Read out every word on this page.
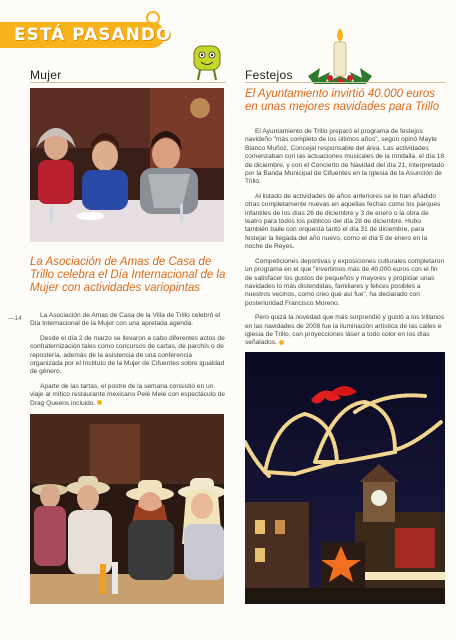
ESTÁ PASANDO
Mujer	Festejos
La Asociación de Amas de Casa de Trillo celebra el Día Internacional de la Mujer con actividades variopintas
—14	La Asociación de Amas de Casa de la Villa de Trillo celebró el Día Internacional de la Mujer con una apretada agenda.

Desde el día 2 de marzo se llevaron a cabo diferentes actos de confraternización tales como concursos de cartas, de parchís o de repostería, además de la asistencia de una conferencia organizada por el Instituto de la Mujer de Cifuentes sobre igualdad de género.

Aparte de las tartas, el postre de la semana consistió en un viaje al mítico restaurante mexicano Pelé Melé con espectáculo de Drag Queens incluido.

El Ayuntamiento invirtió 40.000 euros en unas mejores navidades para Trillo

El Ayuntamiento de Trillo preparó el programa de festejos navideño "más completo de los últimos años", según opinó Mayte Blanco Muñoz, Concejal responsable del área. Las actividades comenzaban con las actuaciones musicales de la rondalla, el día 18 de diciembre, y con el Concierto de Navidad del día 21, interpretado por la Banda Municipal de Cifuentes en la Iglesia de la Asunción de Trillo.

Al listado de actividades de años anteriores se le han añadido otras completamente nuevas en aquellas fechas como los parques infantiles de los días 26 de diciembre y 3 de enero o la obra de teatro para todos los públicos del día 28 de diciembre. Hubo también baile con orquesta tanto el día 31 de diciembre, para festejar la llegada del año nuevo, como el día 5 de enero en la noche de Reyes.

Competiciones deportivas y exposiciones culturales completaron un programa en el que "invertimos más de 40.000 euros con el fin de satisfacer los gustos de pequeños y mayores y propiciar unas navidades lo más distendidas, familiares y felices posibles a nuestros vecinos, como creo que así fue", ha declarado con posterioridad Francisco Moreno.

Pero quizá la novedad que más sorprendió y gustó a los trillanos en las navidades de 2008 fue la iluminación artística de las calles e iglesia de Trillo, con proyecciones láser a todo color en los días señalados.
